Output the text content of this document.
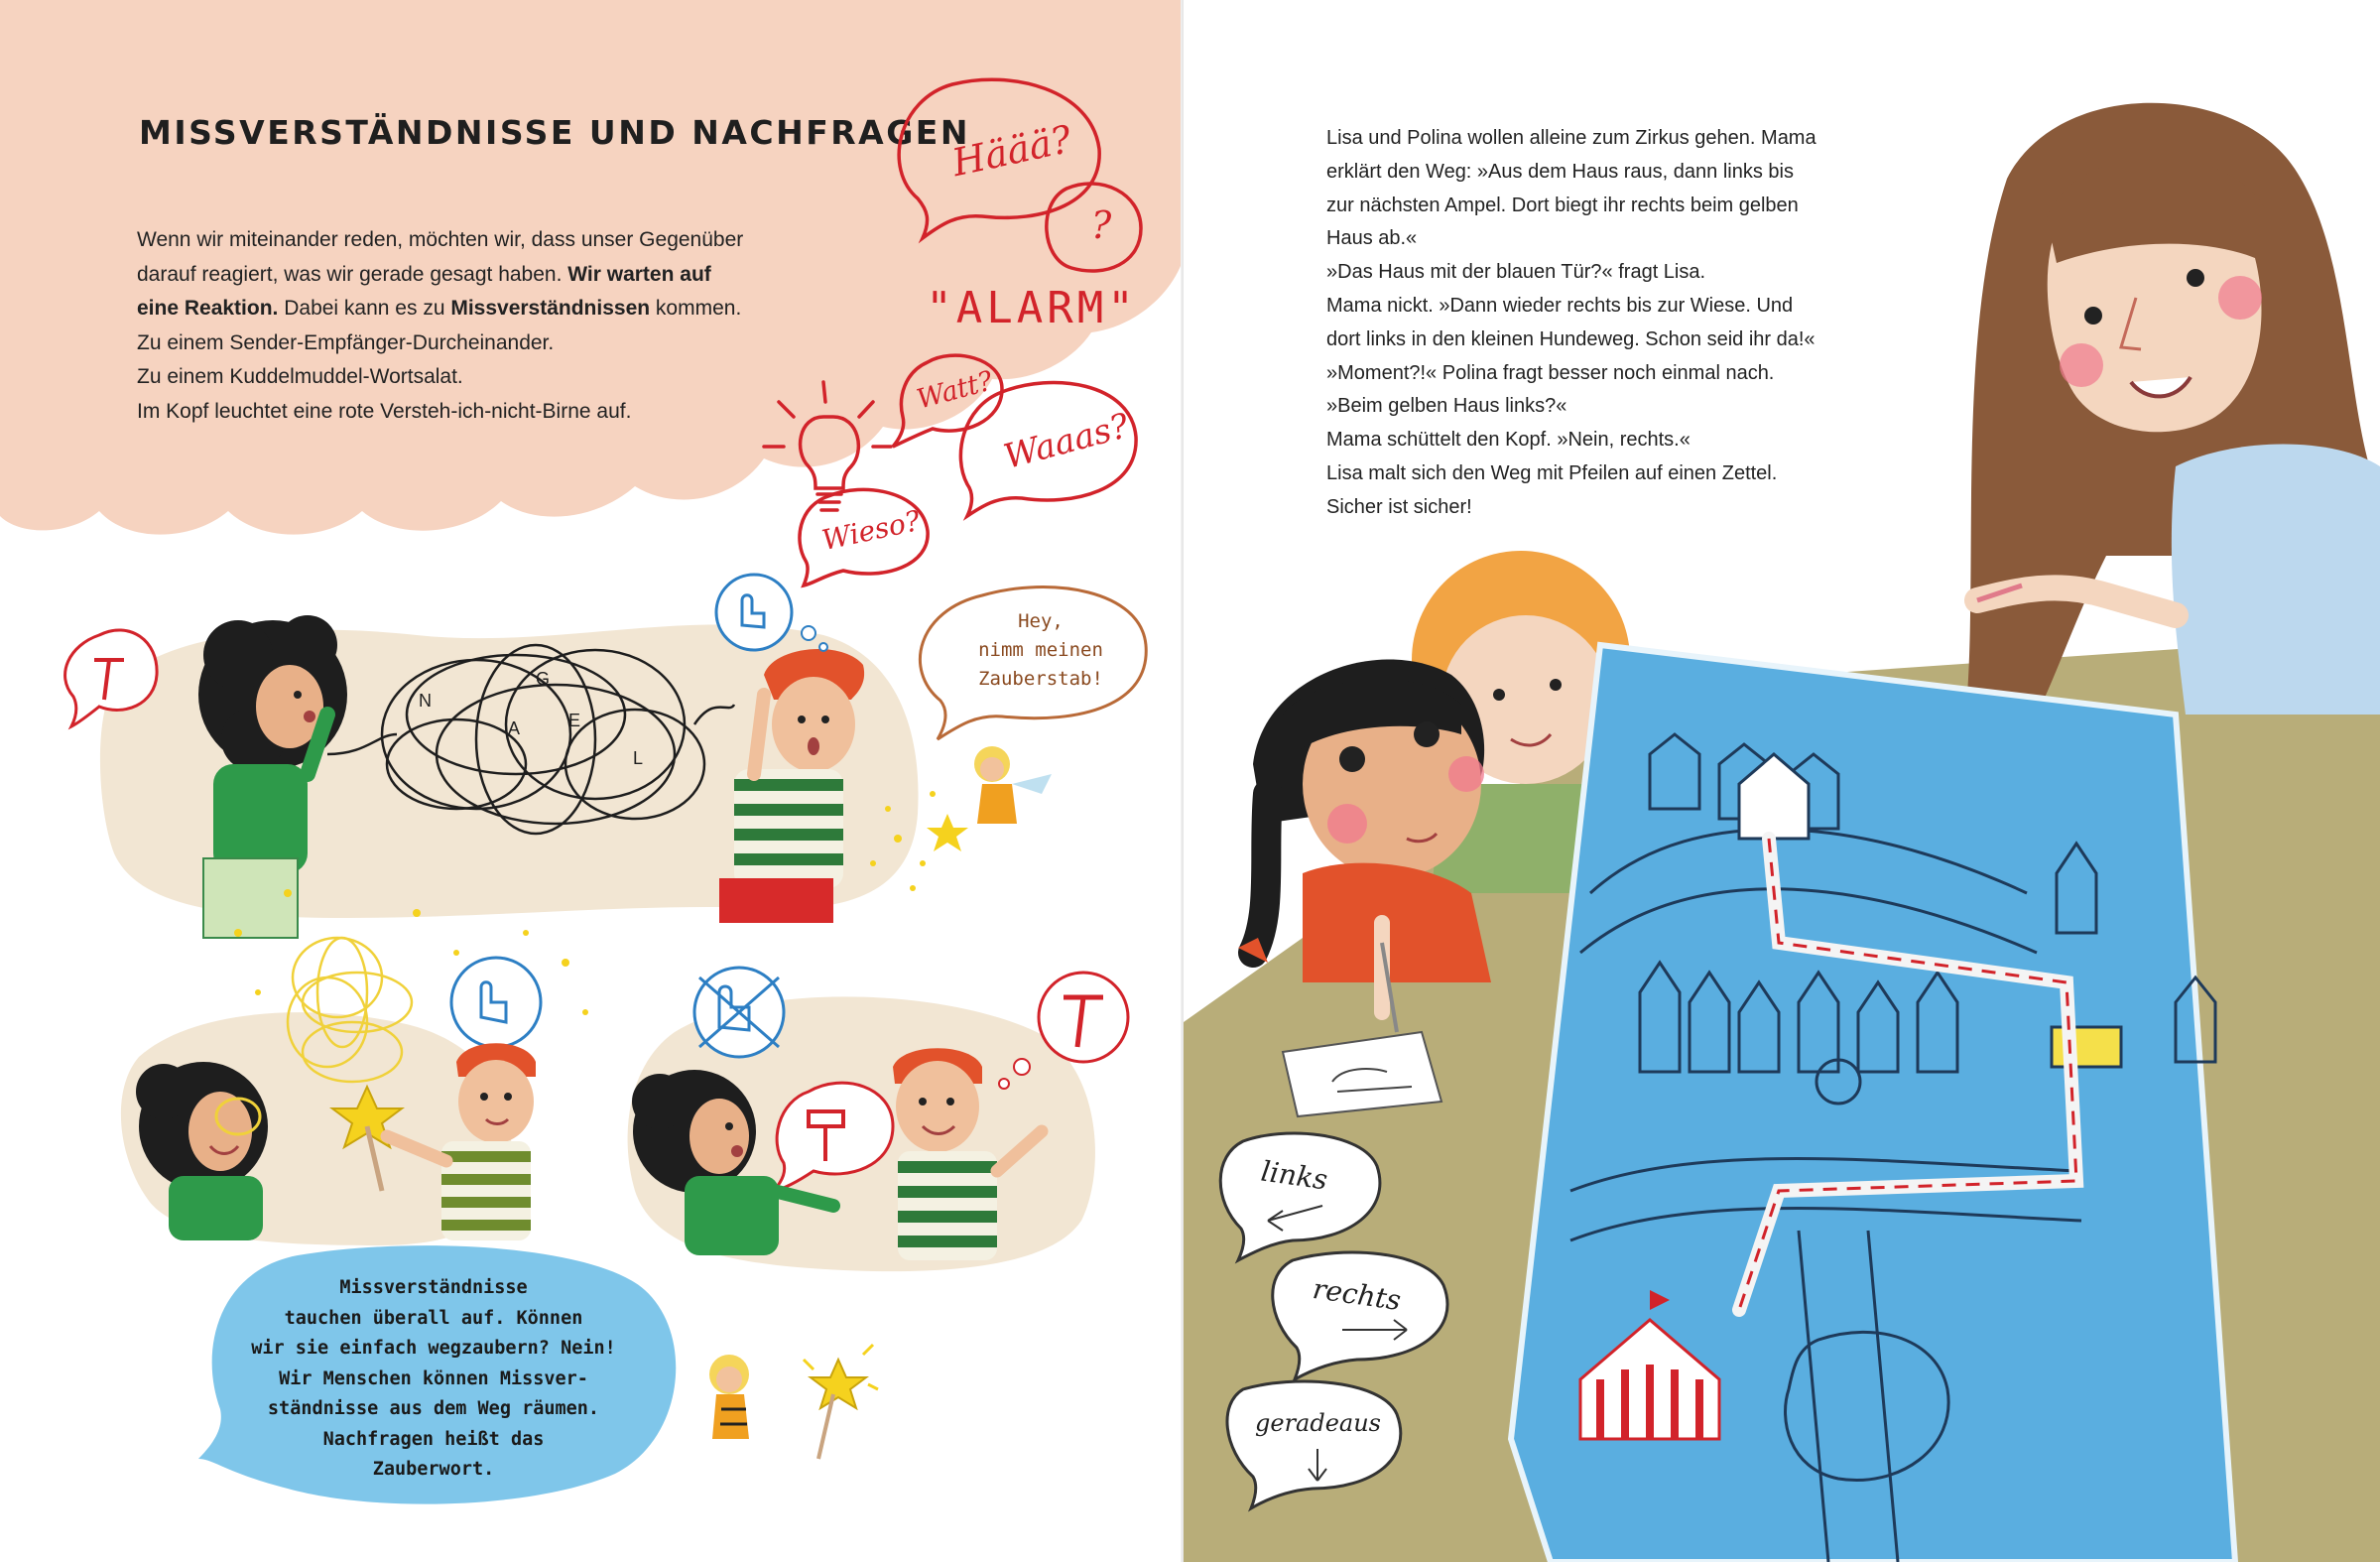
MISSVERSTÄNDNISSE UND NACHFRAGEN

Wenn wir miteinander reden, möchten wir, dass unser Gegenüber

darauf reagiert, was wir gerade gesagt haben. Wir warten auf

eine Reaktion. Dabei kann es zu Missverständnissen kommen.

Zu einem Sender-Empfänger-Durcheinander.

Zu einem Kuddelmuddel-Wortsalat.

Im Kopf leuchtet eine rote Versteh-ich-nicht-Birne auf.

Häää?
?
"ALARM"
Watt?
Waaas?
Wieso?
N
A
G
E
L

Hey,

nimm meinen

Zauberstab!

Missverständnisse

tauchen überall auf. Können

wir sie einfach wegzaubern? Nein!

Wir Menschen können Missver-

ständnisse aus dem Weg räumen.

Nachfragen heißt das

Zauberwort.

links
rechts
geradeaus

Lisa und Polina wollen alleine zum Zirkus gehen. Mama

erklärt den Weg: »Aus dem Haus raus, dann links bis

zur nächsten Ampel. Dort biegt ihr rechts beim gelben

Haus ab.«

»Das Haus mit der blauen Tür?« fragt Lisa.

Mama nickt. »Dann wieder rechts bis zur Wiese. Und

dort links in den kleinen Hundeweg. Schon seid ihr da!«

»Moment?!« Polina fragt besser noch einmal nach.

»Beim gelben Haus links?«

Mama schüttelt den Kopf. »Nein, rechts.«

Lisa malt sich den Weg mit Pfeilen auf einen Zettel.

Sicher ist sicher!
